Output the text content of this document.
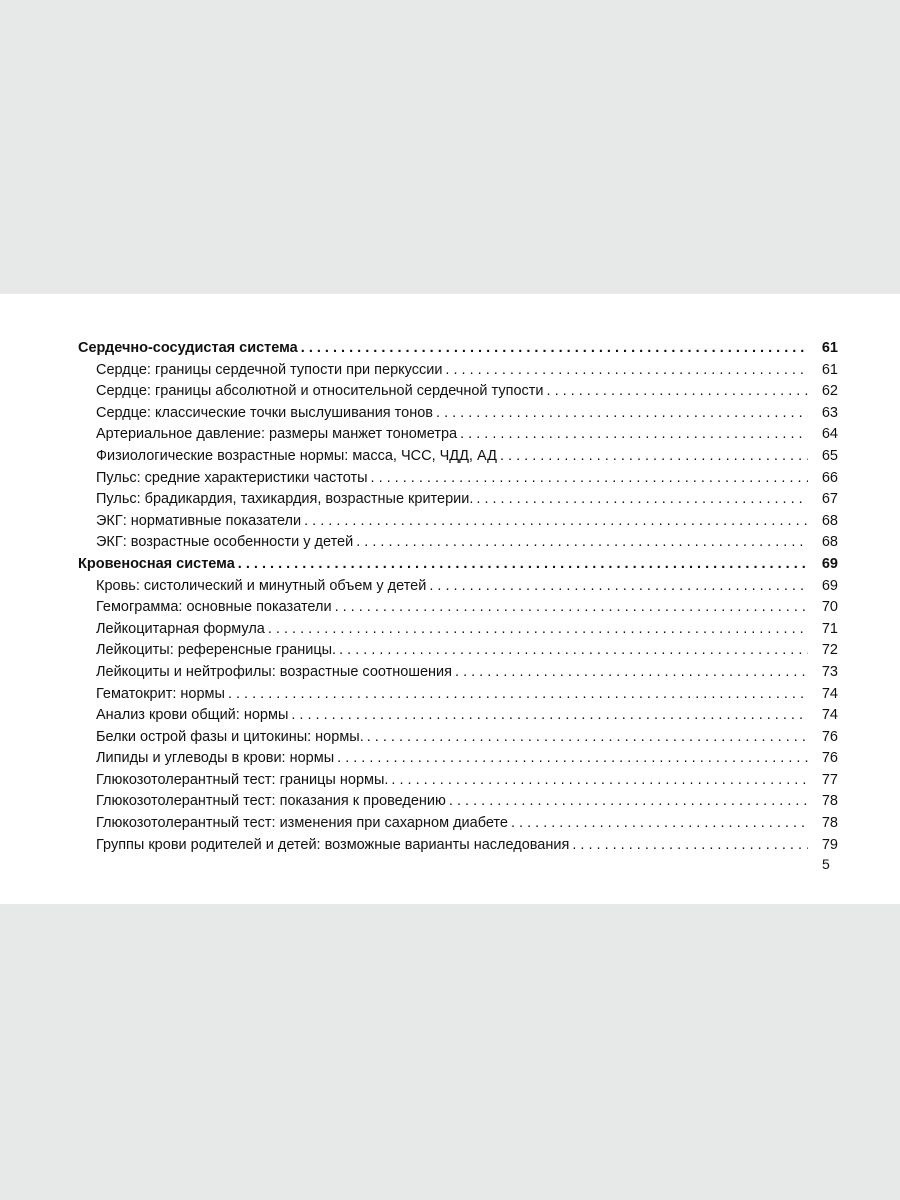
Сердечно-сосудистая система . . .	61
Сердце: границы сердечной тупости при перкуссии . . .	61
Сердце: границы абсолютной и относительной сердечной тупости . . .	62
Сердце: классические точки выслушивания тонов . . .	63
Артериальное давление: размеры манжет тонометра . . .	64
Физиологические возрастные нормы: масса, ЧСС, ЧДД, АД . . .	65
Пульс: средние характеристики частоты . . .	66
Пульс: брадикардия, тахикардия, возрастные критерии. . . .	67
ЭКГ: нормативные показатели . . .	68
ЭКГ: возрастные особенности у детей . . .	68
Кровеносная система . . .	69
Кровь: систолический и минутный объем у детей . . .	69
Гемограмма: основные показатели . . .	70
Лейкоцитарная формула . . .	71
Лейкоциты: референсные границы. . . .	72
Лейкоциты и нейтрофилы: возрастные соотношения . . .	73
Гематокрит: нормы . . .	74
Анализ крови общий: нормы . . .	74
Белки острой фазы и цитокины: нормы. . . .	76
Липиды и углеводы в крови: нормы . . .	76
Глюкозотолерантный тест: границы нормы. . . .	77
Глюкозотолерантный тест: показания к проведению . . .	78
Глюкозотолерантный тест: изменения при сахарном диабете . . .	78
Группы крови родителей и детей: возможные варианты наследования . . .	79
5
